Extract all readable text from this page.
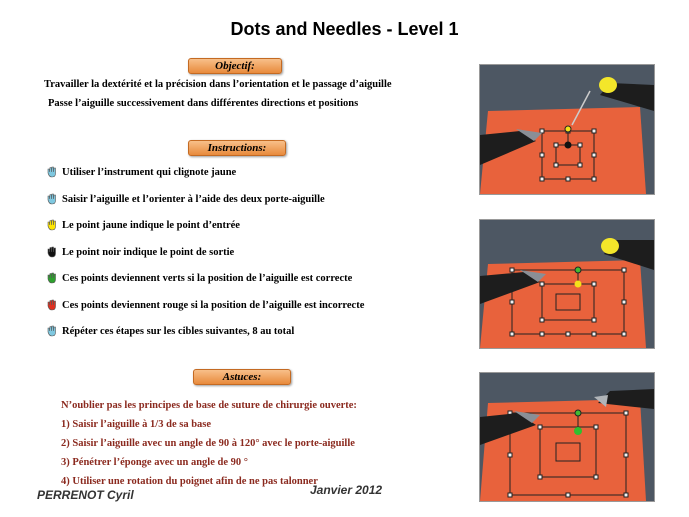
Dots and Needles - Level 1
Objectif:
Travailler la dextérité et la précision dans l’orientation et le passage d’aiguille
Passe l’aiguille successivement dans différentes directions et positions
Instructions:
Utiliser l’instrument qui clignote jaune
Saisir l’aiguille et l’orienter à l’aide des deux porte-aiguille
Le point jaune indique le point d’entrée
Le point noir indique le point de sortie
Ces points deviennent verts si la position de l’aiguille est correcte
Ces points deviennent rouge si la position de l’aiguille est incorrecte
Répéter ces étapes sur les cibles suivantes, 8 au total
Astuces:
N’oublier pas les principes de base de suture de chirurgie ouverte:
1) Saisir l’aiguille à 1/3 de sa base
2) Saisir l’aiguille avec un angle de 90 à 120° avec le porte-aiguille
3) Pénétrer l’éponge avec un angle de 90 °
4) Utiliser une rotation du poignet afin de ne pas talonner
PERRENOT Cyril	Janvier 2012
